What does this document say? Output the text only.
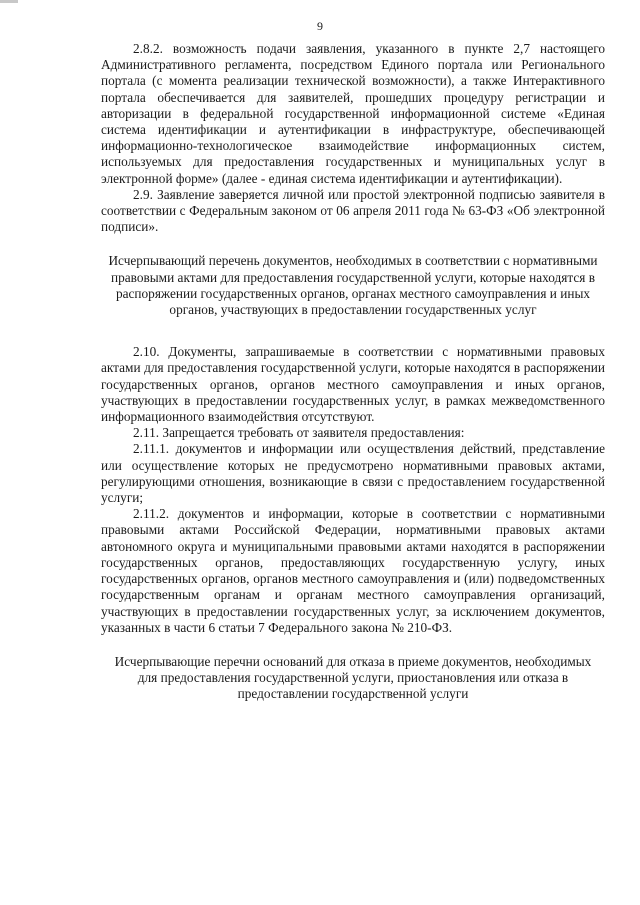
9

2.8.2. возможность подачи заявления, указанного в пункте 2,7 настоящего Административного регламента, посредством Единого портала или Регионального портала (с момента реализации технической возможности), а также Интерактивного портала обеспечивается для заявителей, прошедших процедуру регистрации и авторизации в федеральной государственной информационной системе «Единая система идентификации и аутентификации в инфраструктуре, обеспечивающей информационно-технологическое взаимодействие информационных систем, используемых для предоставления государственных и муниципальных услуг в электронной форме» (далее - единая система идентификации и аутентификации).

2.9. Заявление заверяется личной или простой электронной подписью заявителя в соответствии с Федеральным законом от 06 апреля 2011 года № 63-ФЗ «Об электронной подписи».

Исчерпывающий перечень документов, необходимых в соответствии с нормативными правовыми актами для предоставления государственной услуги, которые находятся в распоряжении государственных органов, органах местного самоуправления и иных органов, участвующих в предоставлении государственных услуг

2.10. Документы, запрашиваемые в соответствии с нормативными правовых актами для предоставления государственной услуги, которые находятся в распоряжении государственных органов, органов местного самоуправления и иных органов, участвующих в предоставлении государственных услуг, в рамках межведомственного информационного взаимодействия отсутствуют.

2.11. Запрещается требовать от заявителя предоставления:

2.11.1. документов и информации или осуществления действий, представление или осуществление которых не предусмотрено нормативными правовых актами, регулирующими отношения, возникающие в связи с предоставлением государственной услуги;

2.11.2. документов и информации, которые в соответствии с нормативными правовыми актами Российской Федерации, нормативными правовых актами автономного округа и муниципальными правовыми актами находятся в распоряжении государственных органов, предоставляющих государственную услугу, иных государственных органов, органов местного самоуправления и (или) подведомственных государственным органам и органам местного самоуправления организаций, участвующих в предоставлении государственных услуг, за исключением документов, указанных в части 6 статьи 7 Федерального закона № 210-ФЗ.

Исчерпывающие перечни оснований для отказа в приеме документов, необходимых для предоставления государственной услуги, приостановления или отказа в предоставлении государственной услуги
